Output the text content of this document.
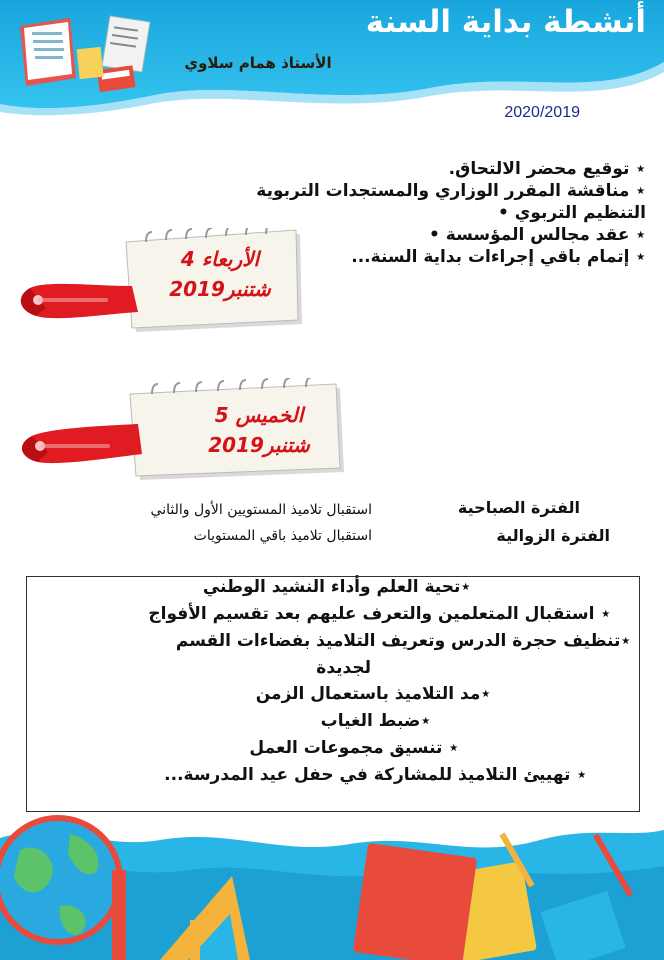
أنشطة بداية السنة
الأستاذ همام سلاوي
2020/2019
⋆ توقيع محضر الالتحاق.
⋆ مناقشة المقرر الوزاري والمستجدات التربوية
التنظيم التربوي •
⋆ عقد مجالس المؤسسة •
⋆ إتمام باقي إجراءات بداية السنة...
الأربعاء 4
شتنبر2019
الخميس 5
شتنبر2019
الفترة الصباحية
استقبال تلاميذ المستويين الأول والثاني
الفترة الزوالية
استقبال تلاميذ باقي المستويات
⋆تحية العلم وأداء النشيد الوطني
⋆ استقبال المتعلمين والتعرف عليهم بعد تقسيم الأفواج
⋆تنظيف حجرة الدرس وتعريف التلاميذ بفضاءات القسم
لجديدة
⋆مد التلاميذ باستعمال الزمن
⋆ضبط الغياب
⋆ تنسيق مجموعات العمل
⋆ تهييئ التلاميذ للمشاركة في حفل عيد المدرسة...
